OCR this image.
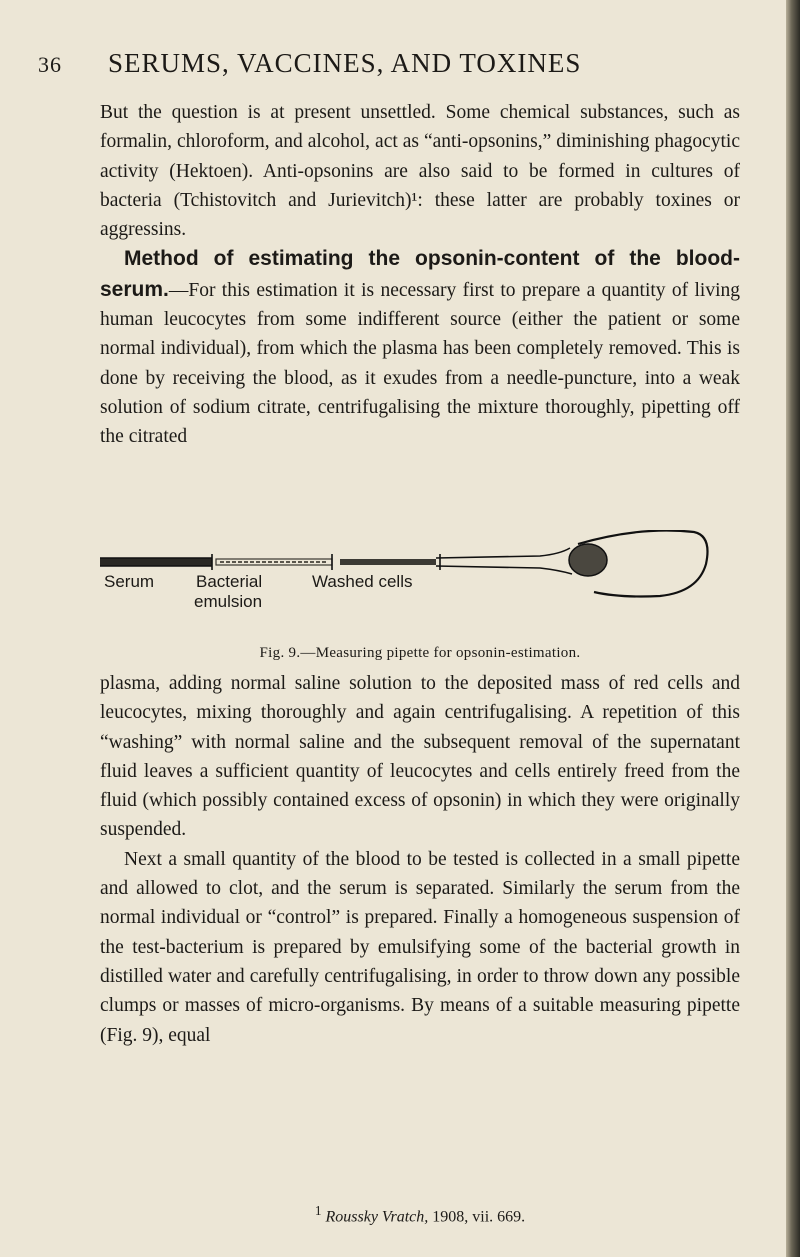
36 SERUMS, VACCINES, AND TOXINES

But the question is at present unsettled. Some chemical substances, such as formalin, chloroform, and alcohol, act as “anti-opsonins,” diminishing phagocytic activity (Hektoen). Anti-opsonins are also said to be formed in cultures of bacteria (Tchistovitch and Jurievitch)¹: these latter are probably toxines or aggressins.

Method of estimating the opsonin-content of the blood-serum.—For this estimation it is necessary first to prepare a quantity of living human leucocytes from some indifferent source (either the patient or some normal individual), from which the plasma has been completely removed. This is done by receiving the blood, as it exudes from a needle-puncture, into a weak solution of sodium citrate, centrifugalising the mixture thoroughly, pipetting off the citrated

Serum Bacterial
emulsion
Washed cells
Fig. 9.—Measuring pipette for opsonin-estimation.

plasma, adding normal saline solution to the deposited mass of red cells and leucocytes, mixing thoroughly and again centrifugalising. A repetition of this “washing” with normal saline and the subsequent removal of the supernatant fluid leaves a sufficient quantity of leucocytes and cells entirely freed from the fluid (which possibly contained excess of opsonin) in which they were originally suspended.

Next a small quantity of the blood to be tested is collected in a small pipette and allowed to clot, and the serum is separated. Similarly the serum from the normal individual or “control” is prepared. Finally a homogeneous suspension of the test-bacterium is prepared by emulsifying some of the bacterial growth in distilled water and carefully centrifugalising, in order to throw down any possible clumps or masses of micro-organisms. By means of a suitable measuring pipette (Fig. 9), equal

$^1$ Roussky Vratch, 1908, vii. 669.
